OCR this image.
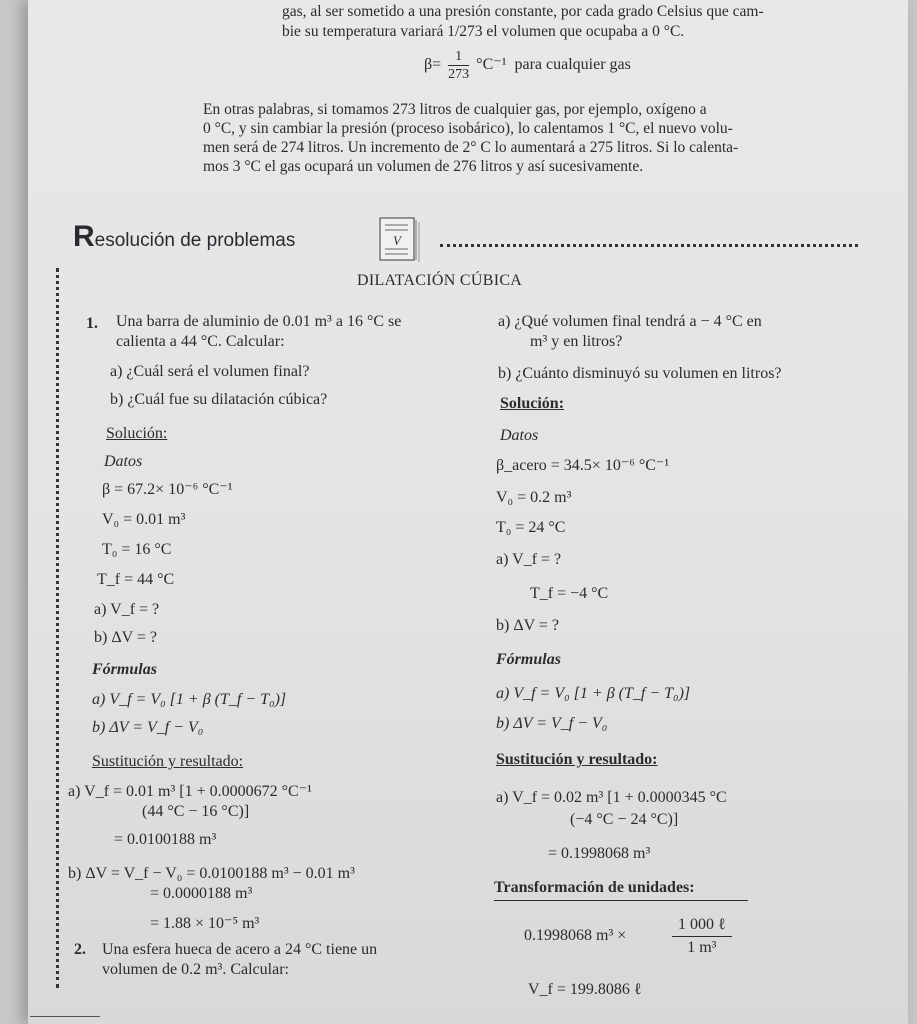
gas, al ser sometido a una presión constante, por cada grado Celsius que cam-
bie su temperatura variará 1/273 el volumen que ocupaba a 0 °C.
$\beta= \frac{1}{273} ^\circ C^{-1}$ para cualquier gas
En otras palabras, si tomamos 273 litros de cualquier gas, por ejemplo, oxígeno a
0 °C, y sin cambiar la presión (proceso isobárico), lo calentamos 1 °C, el nuevo volu-
men será de 274 litros. Un incremento de 2° C lo aumentará a 275 litros. Si lo calenta-
mos 3 °C el gas ocupará un volumen de 276 litros y así sucesivamente.
Resolución de problemas	V
DILATACIÓN CÚBICA
1. Una barra de aluminio de 0.01 m³ a 16 °C se
calienta a 44 °C. Calcular:
a) ¿Cuál será el volumen final?
b) ¿Cuál fue su dilatación cúbica?
Solución:
Datos
β = 67.2× 10⁻⁶ °C⁻¹
V₀ = 0.01 m³
T₀ = 16 °C
T_f = 44 °C
a) V_f = ?
b) ΔV = ?
Fórmulas
a) V_f = V₀ [1 + β (T_f − T₀)]
b) ΔV = V_f − V₀
Sustitución y resultado:
a) V_f = 0.01 m³ [1 + 0.0000672 °C⁻¹
(44 °C − 16 °C)]
= 0.0100188 m³
b) ΔV = V_f − V₀ = 0.0100188 m³ − 0.01 m³
= 0.0000188 m³
= 1.88 × 10⁻⁵ m³
2. Una esfera hueca de acero a 24 °C tiene un
volumen de 0.2 m³. Calcular:
a) ¿Qué volumen final tendrá a − 4 °C en
m³ y en litros?
b) ¿Cuánto disminuyó su volumen en litros?
Solución:
Datos
β_acero = 34.5× 10⁻⁶ °C⁻¹
V₀ = 0.2 m³
T₀ = 24 °C
a) V_f = ?
T_f = −4 °C
b) ΔV = ?
Fórmulas
a) V_f = V₀ [1 + β (T_f − T₀)]
b) ΔV = V_f − V₀
Sustitución y resultado:
a) V_f = 0.02 m³ [1 + 0.0000345 °C
(−4 °C − 24 °C)]
= 0.1998068 m³
Transformación de unidades:
0.1998068 m³ ×
1 000 ℓ
1 m³
V_f = 199.8086 ℓ
